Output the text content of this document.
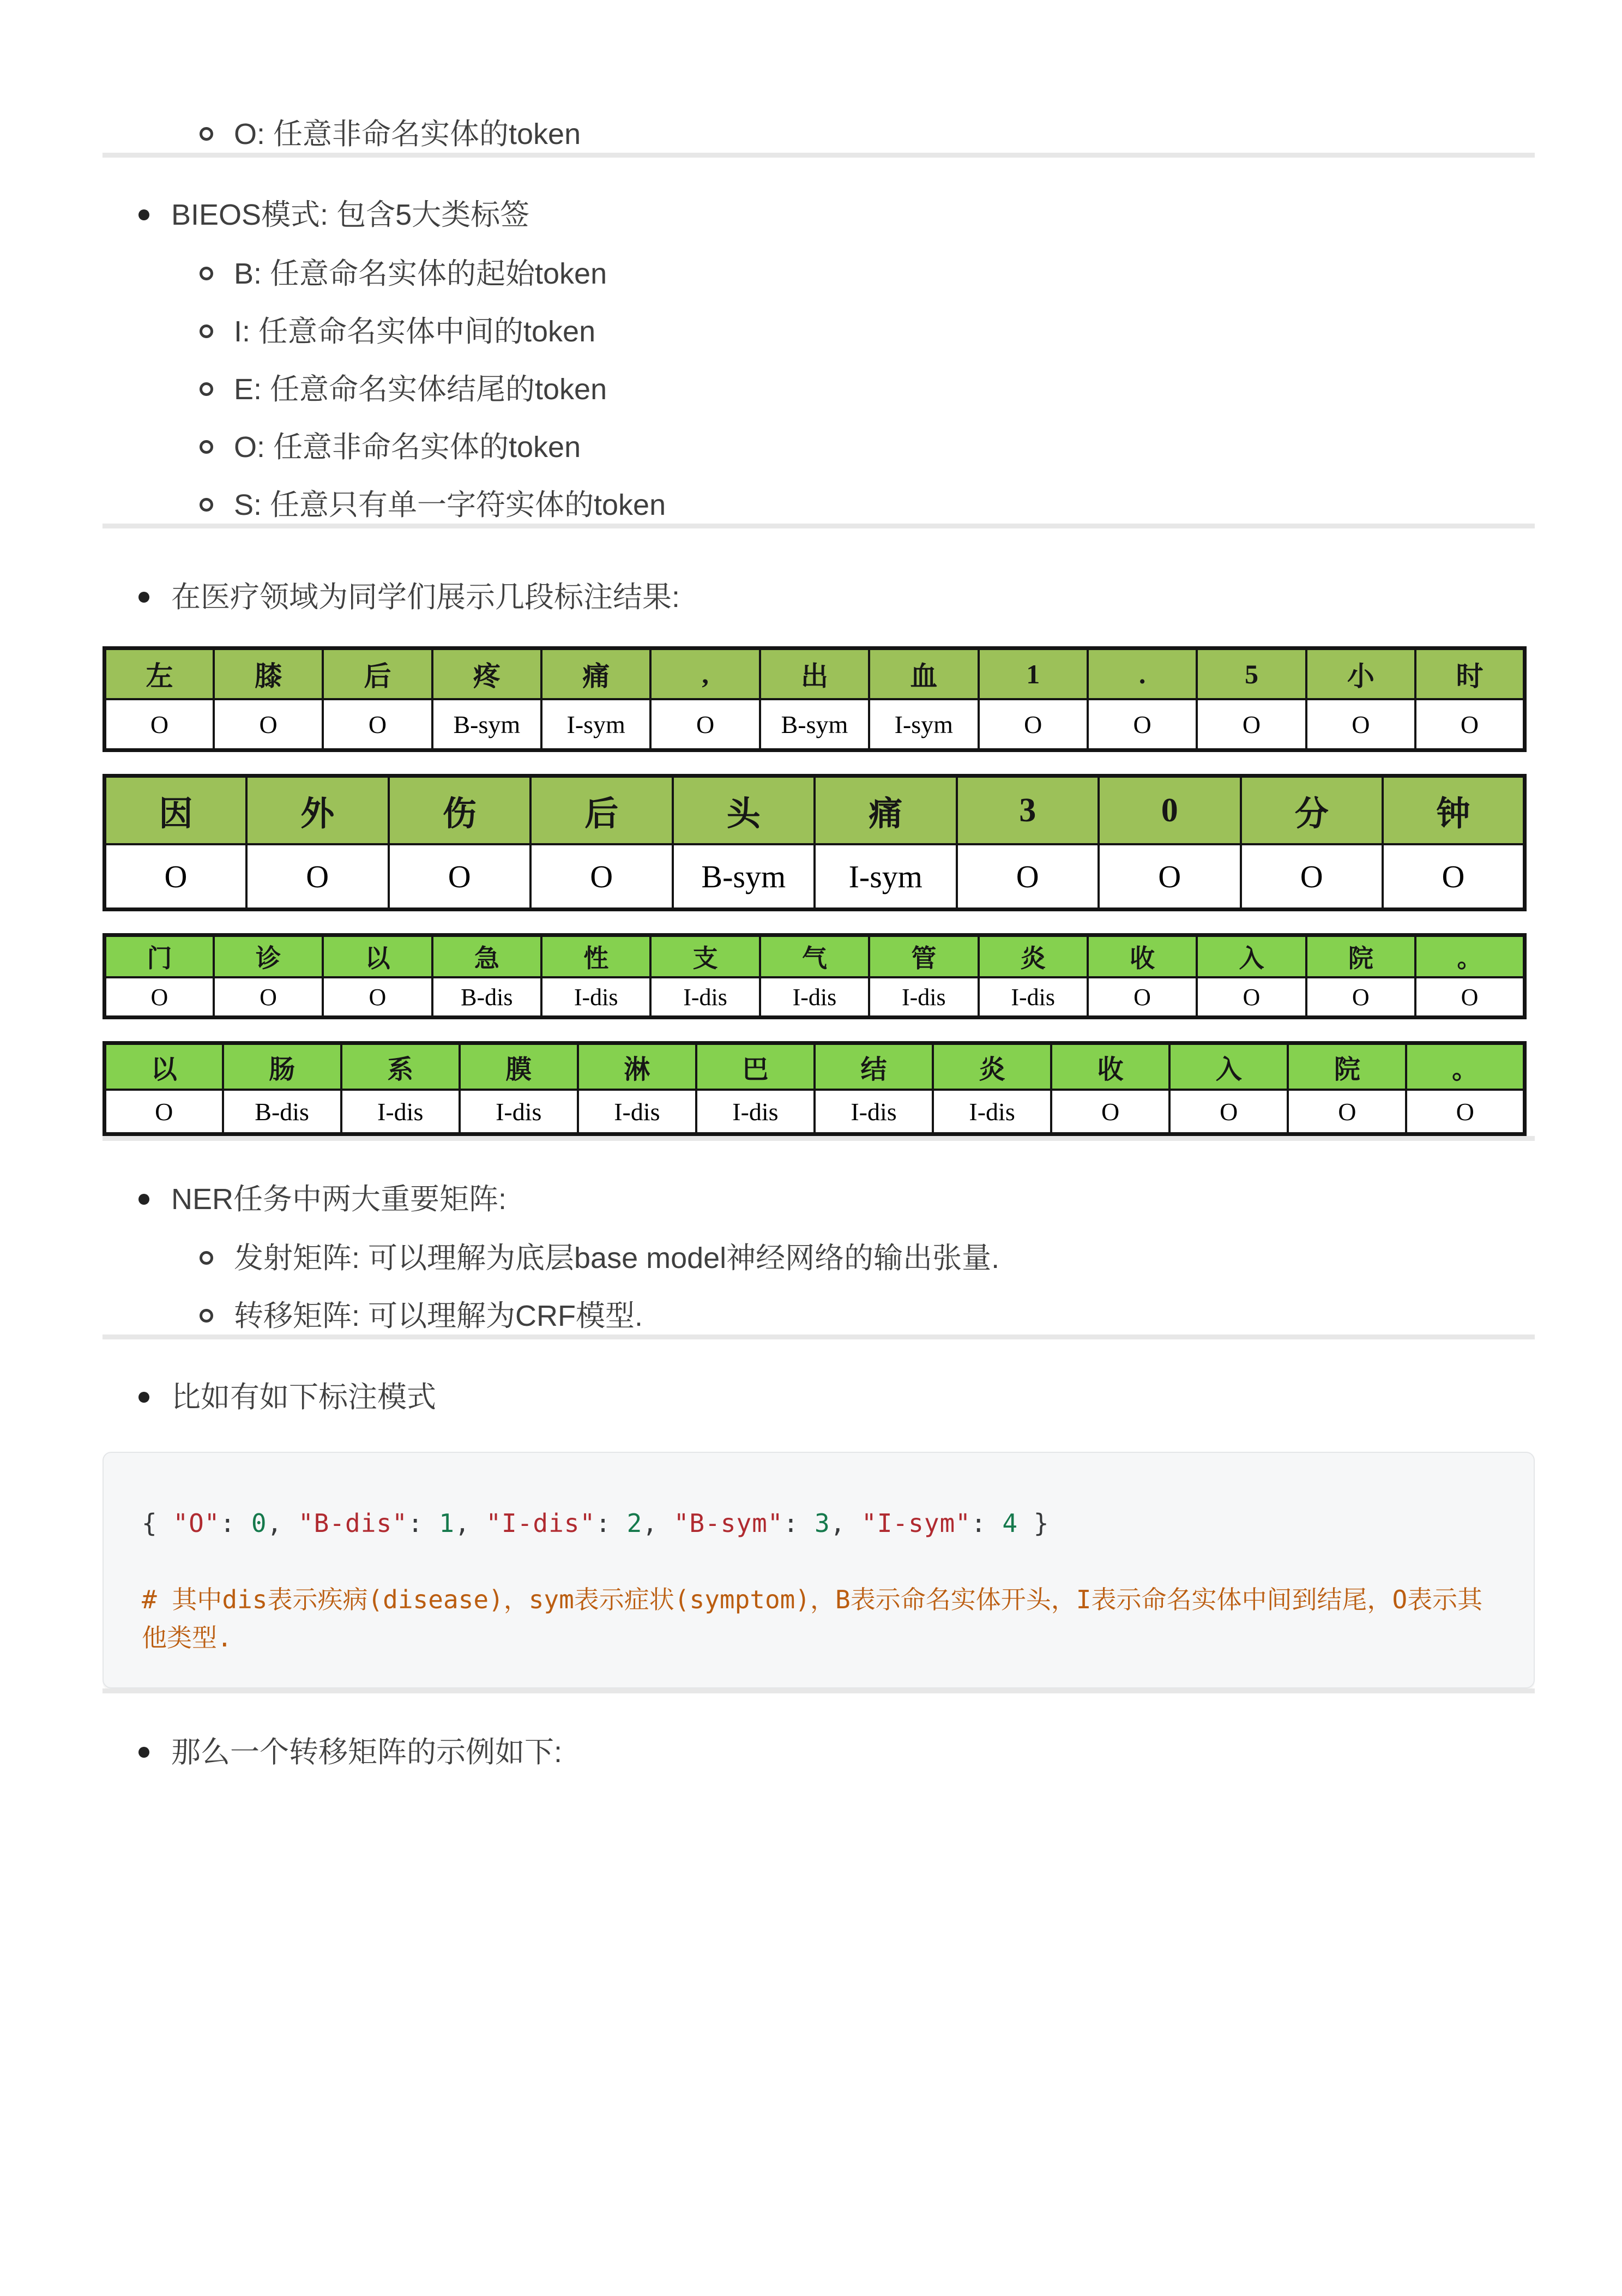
O: 任意非命名实体的token
BIEOS模式: 包含5大类标签
B: 任意命名实体的起始token
I: 任意命名实体中间的token
E: 任意命名实体结尾的token
O: 任意非命名实体的token
S: 任意只有单一字符实体的token
在医疗领域为同学们展示几段标注结果:
左	膝	后	疼	痛	,	出	血	1	.	5	小	时
O	O	O	B-sym	I-sym	O	B-sym	I-sym	O	O	O	O	O
因	外	伤	后	头	痛	3	0	分	钟
O	O	O	O	B-sym	I-sym	O	O	O	O
门	诊	以	急	性	支	气	管	炎	收	入	院	。
O	O	O	B-dis	I-dis	I-dis	I-dis	I-dis	I-dis	O	O	O	O
以	肠	系	膜	淋	巴	结	炎	收	入	院	。
O	B-dis	I-dis	I-dis	I-dis	I-dis	I-dis	I-dis	O	O	O	O
NER任务中两大重要矩阵:
发射矩阵: 可以理解为底层base model神经网络的输出张量.
转移矩阵: 可以理解为CRF模型.
比如有如下标注模式
{ "O": 0, "B-dis": 1, "I-dis": 2, "B-sym": 3, "I-sym": 4 }
# 其中dis表示疾病(disease)，sym表示症状(symptom)，B表示命名实体开头，I表示命名实体中间到结尾，O表示其他类型.
那么一个转移矩阵的示例如下:
